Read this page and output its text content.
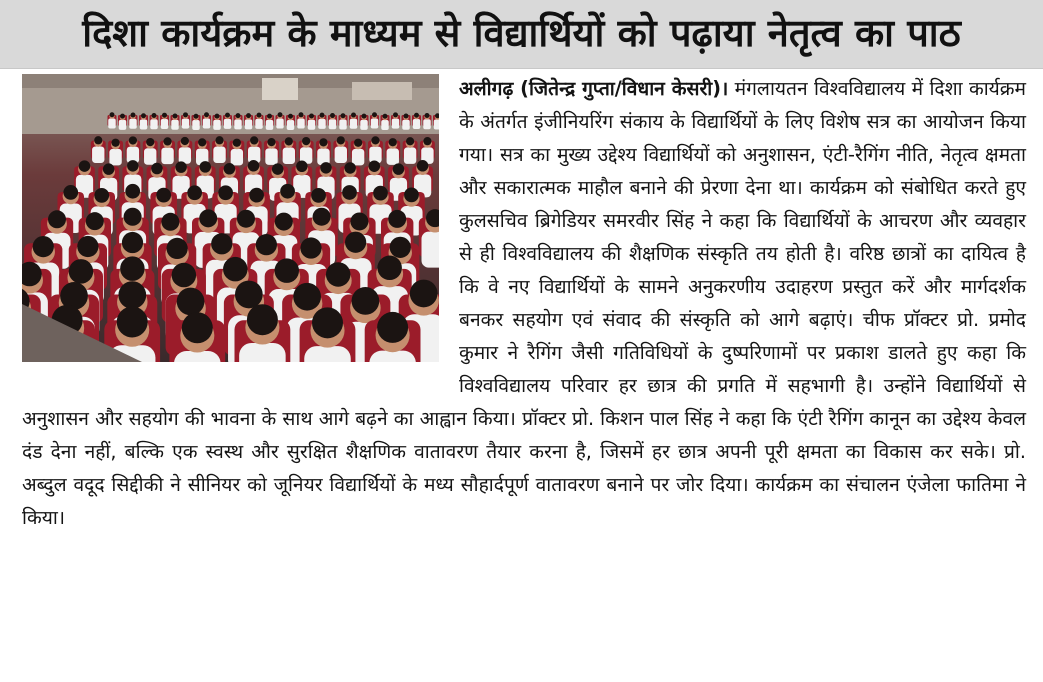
दिशा कार्यक्रम के माध्यम से विद्यार्थियों को पढ़ाया नेतृत्व का पाठ

अलीगढ़ (जितेन्द्र गुप्ता/विधान केसरी)। मंगलायतन विश्वविद्यालय में दिशा कार्यक्रम के अंतर्गत इंजीनियरिंग संकाय के विद्यार्थियों के लिए विशेष सत्र का आयोजन किया गया। सत्र का मुख्य उद्देश्य विद्यार्थियों को अनुशासन, एंटी-रैगिंग नीति, नेतृत्व क्षमता और सकारात्मक माहौल बनाने की प्रेरणा देना था। कार्यक्रम को संबोधित करते हुए कुलसचिव ब्रिगेडियर समरवीर सिंह ने कहा कि विद्यार्थियों के आचरण और व्यवहार से ही विश्वविद्यालय की शैक्षणिक संस्कृति तय होती है। वरिष्ठ छात्रों का दायित्व है कि वे नए विद्यार्थियों के सामने अनुकरणीय उदाहरण प्रस्तुत करें और मार्गदर्शक बनकर सहयोग एवं संवाद की संस्कृति को आगे बढ़ाएं। चीफ प्रॉक्टर प्रो. प्रमोद कुमार ने रैगिंग जैसी गतिविधियों के दुष्परिणामों पर प्रकाश डालते हुए कहा कि विश्वविद्यालय परिवार हर छात्र की प्रगति में सहभागी है। उन्होंने विद्यार्थियों से अनुशासन और सहयोग की भावना के साथ आगे बढ़ने का आह्वान किया। प्रॉक्टर प्रो. किशन पाल सिंह ने कहा कि एंटी रैगिंग कानून का उद्देश्य केवल दंड देना नहीं, बल्कि एक स्वस्थ और सुरक्षित शैक्षणिक वातावरण तैयार करना है, जिसमें हर छात्र अपनी पूरी क्षमता का विकास कर सके। प्रो. अब्दुल वदूद सिद्दीकी ने सीनियर को जूनियर विद्यार्थियों के मध्य सौहार्दपूर्ण वातावरण बनाने पर जोर दिया। कार्यक्रम का संचालन एंजेला फातिमा ने किया।
